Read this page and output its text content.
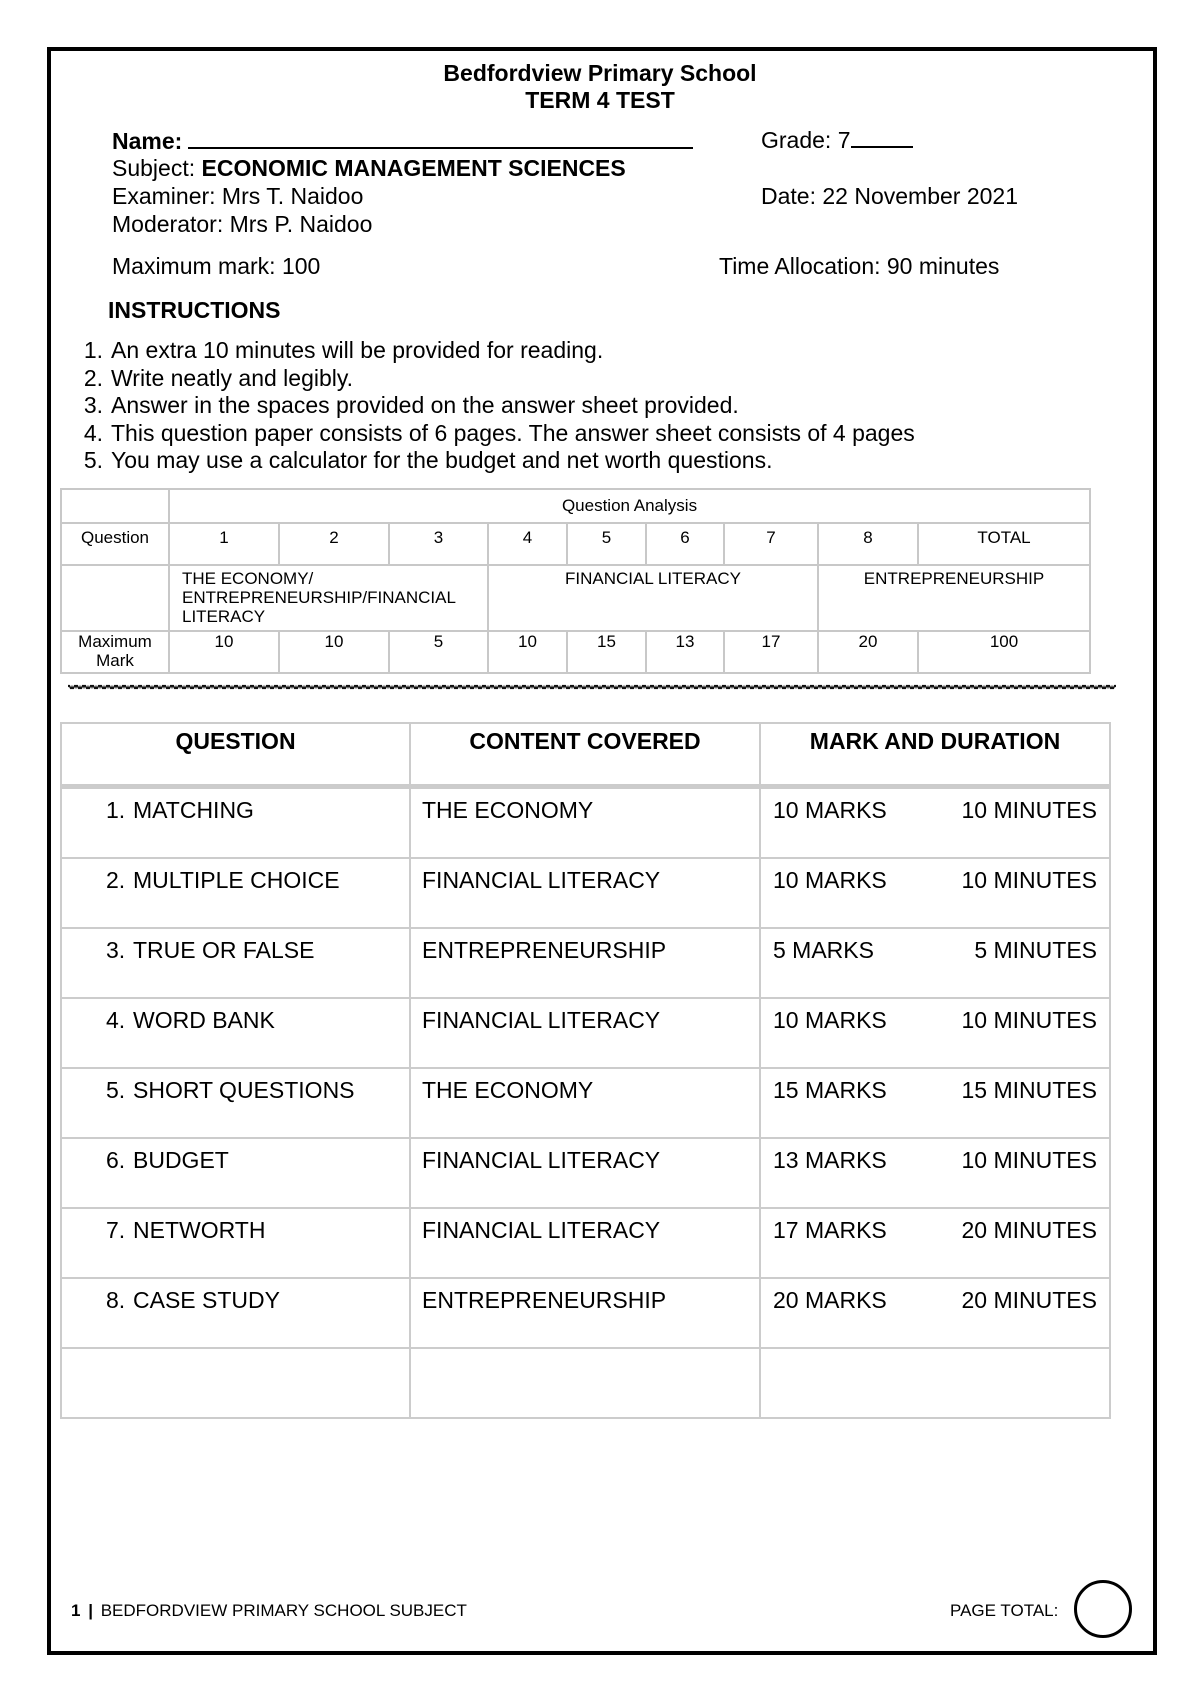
Bedfordview Primary School
TERM 4 TEST
Name:	Grade: 7
Subject: ECONOMIC MANAGEMENT SCIENCES
Examiner: Mrs T. Naidoo	Date: 22 November 2021
Moderator: Mrs P. Naidoo
Maximum mark: 100	Time Allocation: 90 minutes
INSTRUCTIONS
1. An extra 10 minutes will be provided for reading.
2. Write neatly and legibly.
3. Answer in the spaces provided on the answer sheet provided.
4. This question paper consists of 6 pages. The answer sheet consists of 4 pages
5. You may use a calculator for the budget and net worth questions.
	Question Analysis								
Question	1	2	3	4	5	6	7	8	TOTAL
	THE ECONOMY/ ENTREPRENEURSHIP/FINANCIAL LITERACY			FINANCIAL LITERACY				ENTREPRENEURSHIP	
Maximum Mark	10	10	5	10	15	13	17	20	100
QUESTION	CONTENT COVERED	MARK AND DURATION
1. MATCHING	THE ECONOMY	10 MARKS 10 MINUTES

2. MULTIPLE CHOICE	FINANCIAL LITERACY	10 MARKS 10 MINUTES

3. TRUE OR FALSE	ENTREPRENEURSHIP	5 MARKS 5 MINUTES

4. WORD BANK	FINANCIAL LITERACY	10 MARKS 10 MINUTES

5. SHORT QUESTIONS	THE ECONOMY	15 MARKS 15 MINUTES

6. BUDGET	FINANCIAL LITERACY	13 MARKS 10 MINUTES

7. NETWORTH	FINANCIAL LITERACY	17 MARKS 20 MINUTES

8. CASE STUDY	ENTREPRENEURSHIP	20 MARKS 20 MINUTES

1 | BEDFORDVIEW PRIMARY SCHOOL SUBJECT	PAGE TOTAL:
